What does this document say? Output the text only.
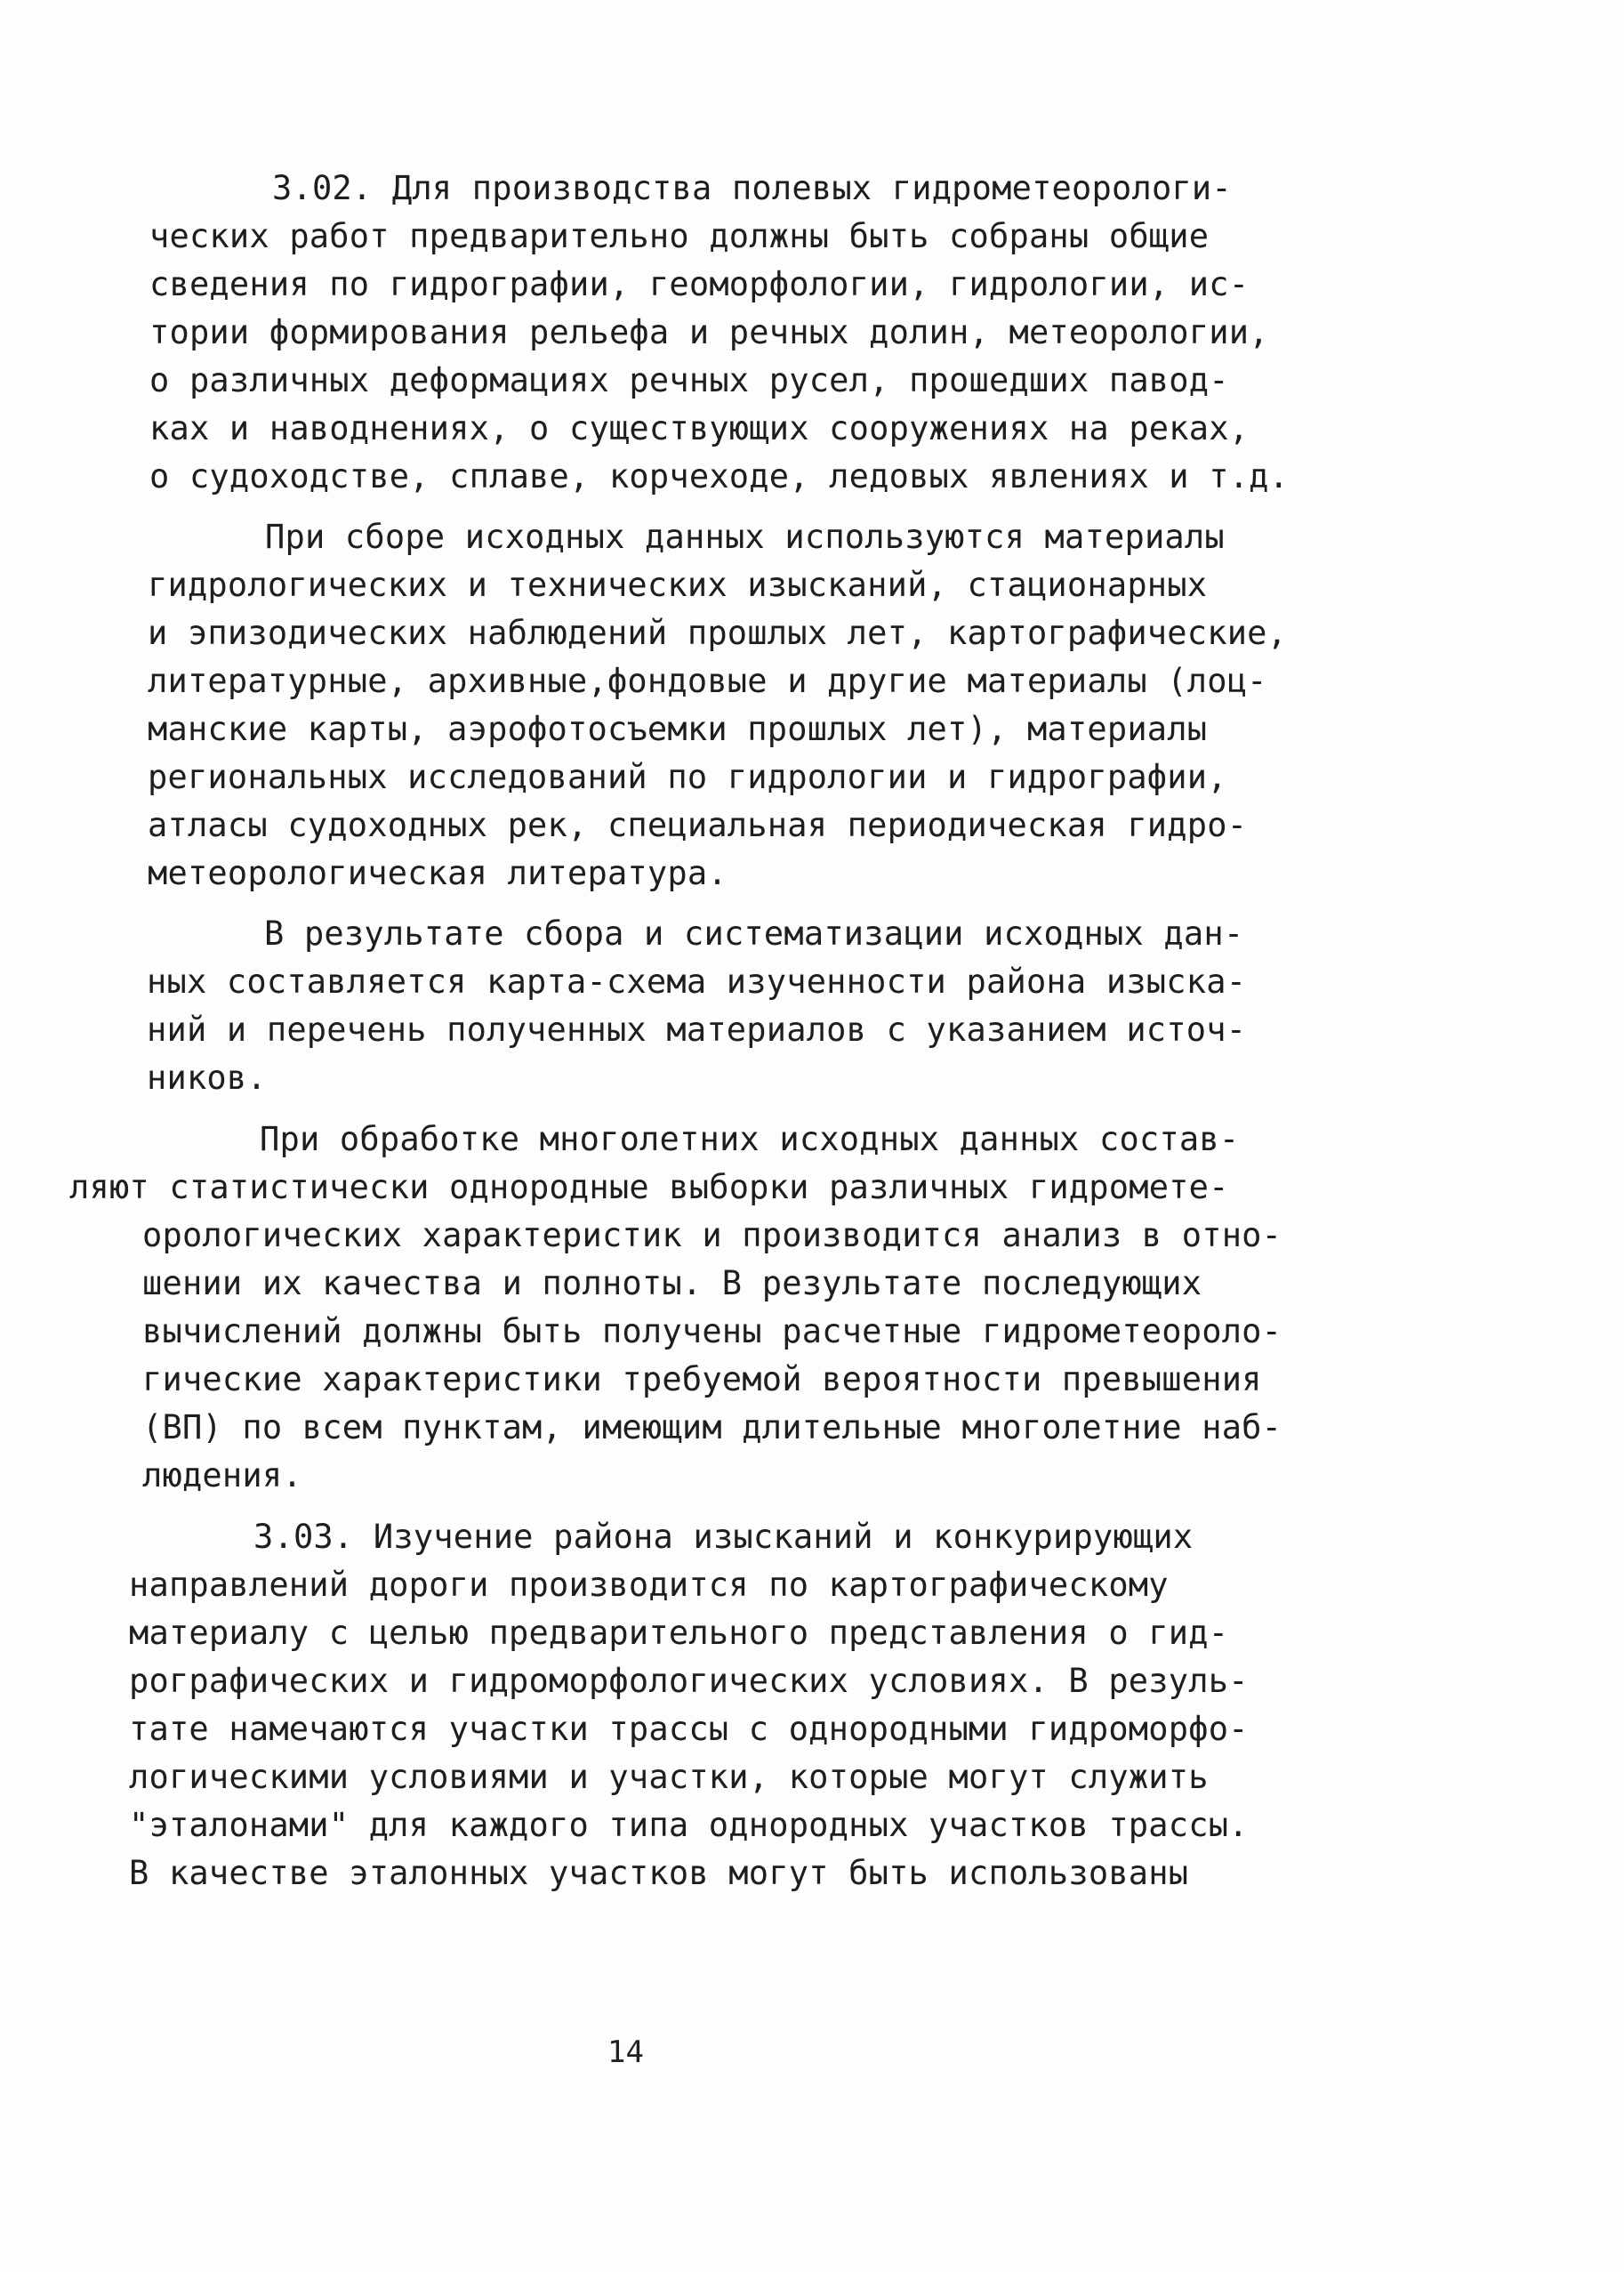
3.02. Для производства полевых гидрометеорологи-
ческих работ предварительно должны быть собраны общие
сведения по гидрографии, геоморфологии, гидрологии, ис-
тории формирования рельефа и речных долин, метеорологии,
о различных деформациях речных русел, прошедших павод-
ках и наводнениях, о существующих сооружениях на реках,
о судоходстве, сплаве, корчеходе, ледовых явлениях и т.д.
При сборе исходных данных используются материалы
гидрологических и технических изысканий, стационарных
и эпизодических наблюдений прошлых лет, картографические,
литературные, архивные,фондовые и другие материалы (лоц-
манские карты, аэрофотосъемки прошлых лет), материалы
региональных исследований по гидрологии и гидрографии,
атласы судоходных рек, специальная периодическая гидро-
метеорологическая литература.
В результате сбора и систематизации исходных дан-
ных составляется карта-схема изученности района изыска-
ний и перечень полученных материалов с указанием источ-
ников.
При обработке многолетних исходных данных состав-
ляют статистически однородные выборки различных гидромете-
орологических характеристик и производится анализ в отно-
шении их качества и полноты. В результате последующих
вычислений должны быть получены расчетные гидрометеороло-
гические характеристики требуемой вероятности превышения
(ВП) по всем пунктам, имеющим длительные многолетние наб-
людения.
3.03. Изучение района изысканий и конкурирующих
направлений дороги производится по картографическому
материалу с целью предварительного представления о гид-
рографических и гидроморфологических условиях. В резуль-
тате намечаются участки трассы с однородными гидроморфо-
логическими условиями и участки, которые могут служить
"эталонами" для каждого типа однородных участков трассы.
В качестве эталонных участков могут быть использованы
14
